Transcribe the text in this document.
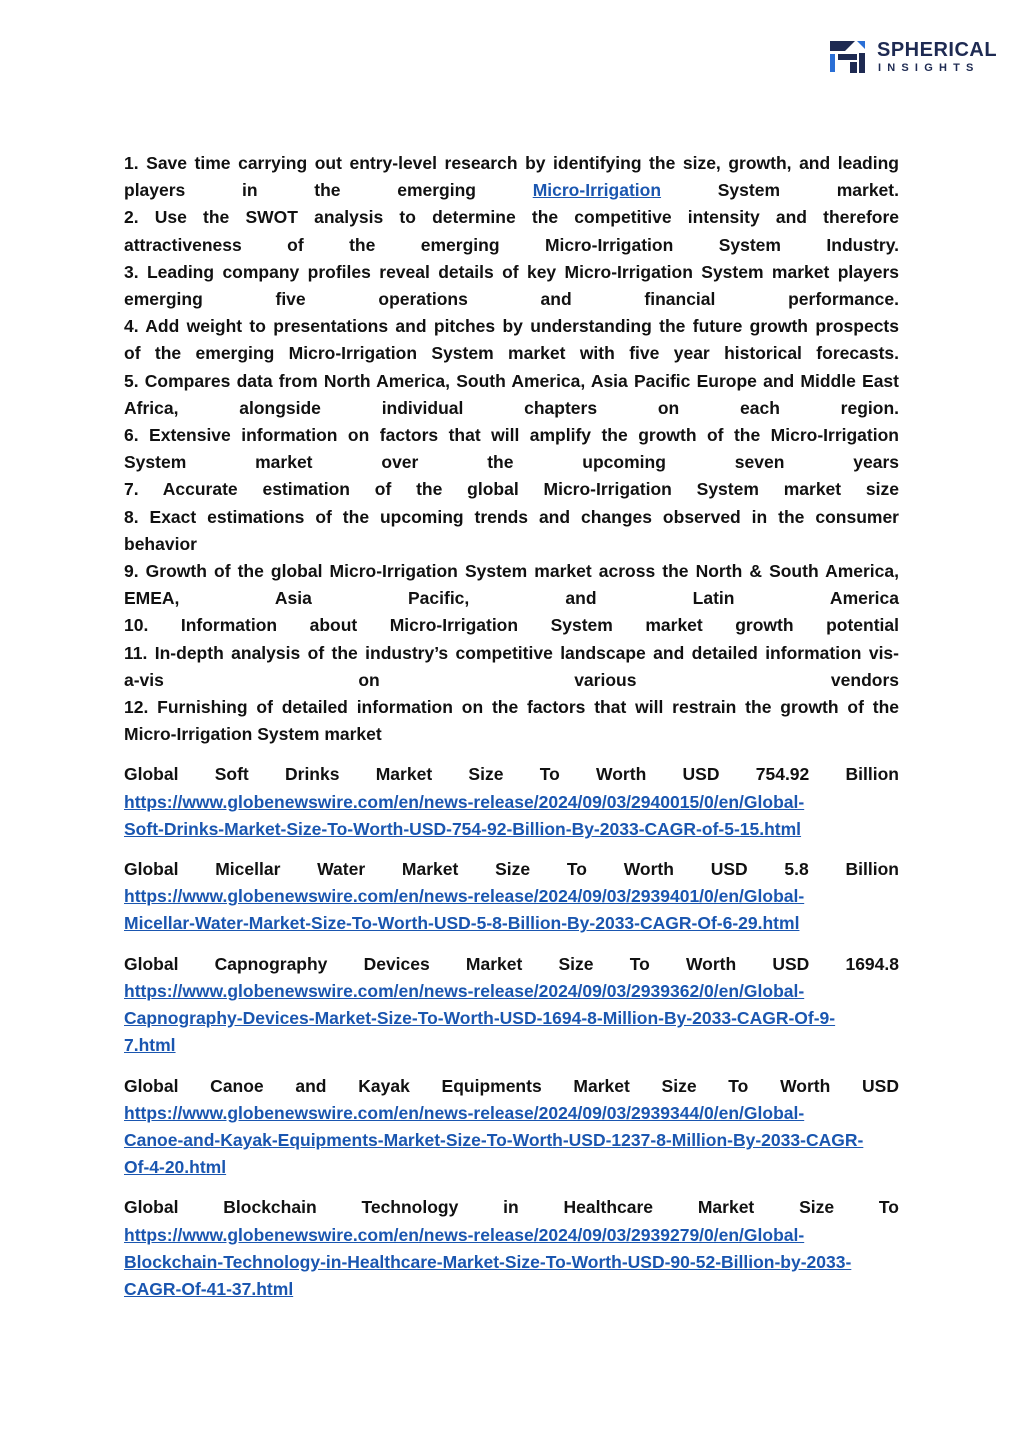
SPHERICAL
INSIGHTS
1. Save time carrying out entry-level research by identifying the size, growth, and leading
players	in	the	emerging	Micro-Irrigation	System	market.
2. Use the SWOT analysis to determine the competitive intensity and therefore
attractiveness of the emerging Micro-Irrigation System Industry.
3. Leading company profiles reveal details of key Micro-Irrigation System market players
emerging five operations and financial performance.
4. Add weight to presentations and pitches by understanding the future growth prospects
of the emerging Micro-Irrigation System market with five year historical forecasts.
5. Compares data from North America, South America, Asia Pacific Europe and Middle East
Africa, alongside individual chapters on each region.
6. Extensive information on factors that will amplify the growth of the Micro-Irrigation
System market over the upcoming seven years
7. Accurate estimation of the global Micro-Irrigation System market size
8. Exact estimations of the upcoming trends and changes observed in the consumer
behavior
9. Growth of the global Micro-Irrigation System market across the North & South America,
EMEA, Asia Pacific, and Latin America
10. Information about Micro-Irrigation System market growth potential
11. In-depth analysis of the industry’s competitive landscape and detailed information vis-
a-vis on various vendors
12. Furnishing of detailed information on the factors that will restrain the growth of the
Micro-Irrigation System market
Global Soft Drinks Market Size To Worth USD 754.92 Billion
https://www.globenewswire.com/en/news-release/2024/09/03/2940015/0/en/Global-
Soft-Drinks-Market-Size-To-Worth-USD-754-92-Billion-By-2033-CAGR-of-5-15.html
Global Micellar Water Market Size To Worth USD 5.8 Billion
https://www.globenewswire.com/en/news-release/2024/09/03/2939401/0/en/Global-
Micellar-Water-Market-Size-To-Worth-USD-5-8-Billion-By-2033-CAGR-Of-6-29.html
Global Capnography Devices Market Size To Worth USD 1694.8
https://www.globenewswire.com/en/news-release/2024/09/03/2939362/0/en/Global-
Capnography-Devices-Market-Size-To-Worth-USD-1694-8-Million-By-2033-CAGR-Of-9-
7.html
Global Canoe and Kayak Equipments Market Size To Worth USD
https://www.globenewswire.com/en/news-release/2024/09/03/2939344/0/en/Global-
Canoe-and-Kayak-Equipments-Market-Size-To-Worth-USD-1237-8-Million-By-2033-CAGR-
Of-4-20.html
Global Blockchain Technology in Healthcare Market Size To
https://www.globenewswire.com/en/news-release/2024/09/03/2939279/0/en/Global-
Blockchain-Technology-in-Healthcare-Market-Size-To-Worth-USD-90-52-Billion-by-2033-
CAGR-Of-41-37.html
